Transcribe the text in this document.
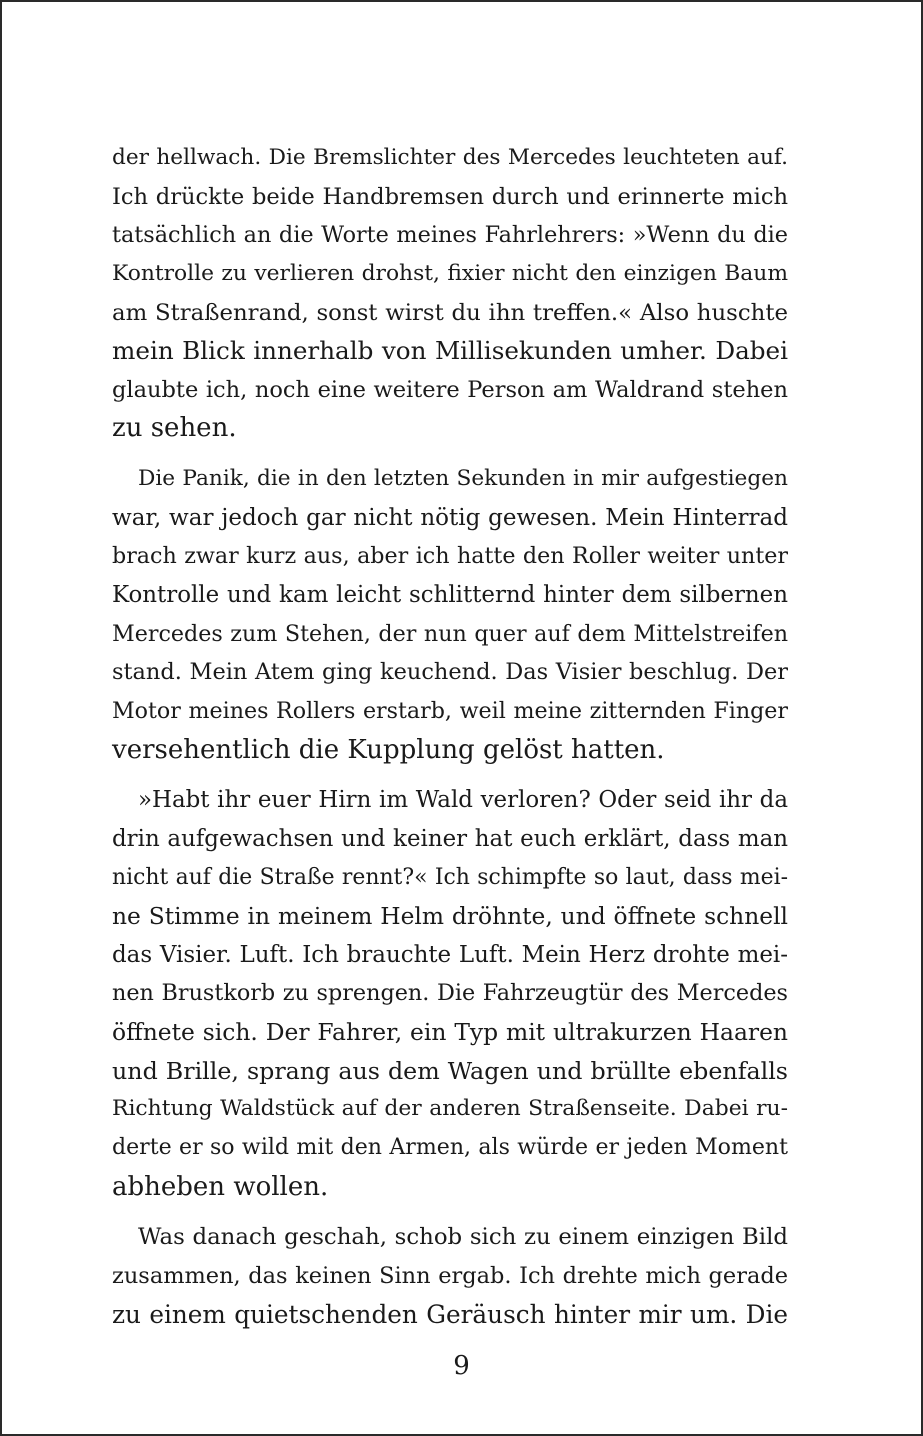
der hellwach. Die Bremslichter des Mercedes leuchteten auf.
Ich drückte beide Handbremsen durch und erinnerte mich
tatsächlich an die Worte meines Fahrlehrers: »Wenn du die
Kontrolle zu verlieren drohst, fixier nicht den einzigen Baum
am Straßenrand, sonst wirst du ihn treffen.« Also huschte
mein Blick innerhalb von Millisekunden umher. Dabei
glaubte ich, noch eine weitere Person am Waldrand stehen
zu sehen.
Die Panik, die in den letzten Sekunden in mir aufgestiegen
war, war jedoch gar nicht nötig gewesen. Mein Hinterrad
brach zwar kurz aus, aber ich hatte den Roller weiter unter
Kontrolle und kam leicht schlitternd hinter dem silbernen
Mercedes zum Stehen, der nun quer auf dem Mittelstreifen
stand. Mein Atem ging keuchend. Das Visier beschlug. Der
Motor meines Rollers erstarb, weil meine zitternden Finger
versehentlich die Kupplung gelöst hatten.
»Habt ihr euer Hirn im Wald verloren? Oder seid ihr da
drin aufgewachsen und keiner hat euch erklärt, dass man
nicht auf die Straße rennt?« Ich schimpfte so laut, dass mei-
ne Stimme in meinem Helm dröhnte, und öffnete schnell
das Visier. Luft. Ich brauchte Luft. Mein Herz drohte mei-
nen Brustkorb zu sprengen. Die Fahrzeugtür des Mercedes
öffnete sich. Der Fahrer, ein Typ mit ultrakurzen Haaren
und Brille, sprang aus dem Wagen und brüllte ebenfalls
Richtung Waldstück auf der anderen Straßenseite. Dabei ru-
derte er so wild mit den Armen, als würde er jeden Moment
abheben wollen.
Was danach geschah, schob sich zu einem einzigen Bild
zusammen, das keinen Sinn ergab. Ich drehte mich gerade
zu einem quietschenden Geräusch hinter mir um. Die
9
